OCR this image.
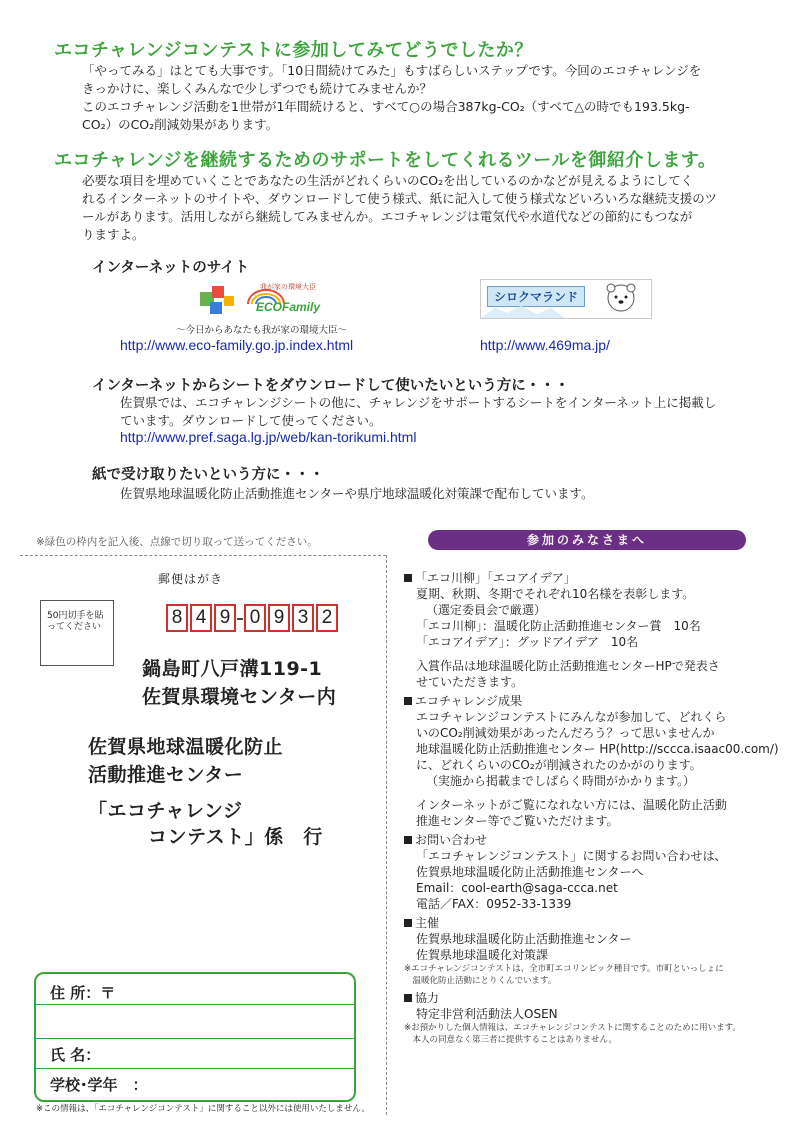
エコチャレンジコンテストに参加してみてどうでしたか？
「やってみる」はとても大事です。「10日間続けてみた」もすばらしいステップです。今回のエコチャレンジを
きっかけに、楽しくみんなで少しずつでも続けてみませんか？
このエコチャレンジ活動を1世帯が1年間続けると、すべて○の場合387kg-CO₂（すべて△の時でも193.5kg-
CO₂）のCO₂削減効果があります。
エコチャレンジを継続するためのサポートをしてくれるツールを御紹介します。
必要な項目を埋めていくことであなたの生活がどれくらいのCO₂を出しているのかなどが見えるようにしてく
れるインターネットのサイトや、ダウンロードして使う様式、紙に記入して使う様式などいろいろな継続支援のツ
ールがあります。活用しながら継続してみませんか。エコチャレンジは電気代や水道代などの節約にもつなが
りますよ。
インターネットのサイト
我が家の環境大臣
ECOFamily
～今日からあなたも我が家の環境大臣～
http://www.eco-family.go.jp.index.html
シロクマランド
http://www.469ma.jp/
インターネットからシートをダウンロードして使いたいという方に・・・
佐賀県では、エコチャレンジシートの他に、チャレンジをサポートするシートをインターネット上に掲載し
ています。ダウンロードして使ってください。
http://www.pref.saga.lg.jp/web/kan-torikumi.html
紙で受け取りたいという方に・・・
佐賀県地球温暖化防止活動推進センターや県庁地球温暖化対策課で配布しています。
※緑色の枠内を記入後、点線で切り取って送ってください。
郵便はがき
50円切手を貼ってください	8 4 9 0 9 3 2
鍋島町八戸溝119-1
佐賀県環境センター内
佐賀県地球温暖化防止
活動推進センター
「エコチャレンジ
コンテスト」係　行
住 所：〒
氏 名：
学校･学年　：
※この情報は、「エコチャレンジコンテスト」に関すること以外には使用いたしません。
参加のみなさまへ
「エコ川柳」「エコアイデア」
夏期、秋期、冬期でそれぞれ10名様を表彰します。
（選定委員会で厳選）
「エコ川柳」：温暖化防止活動推進センター賞　10名
「エコアイデア」：グッドアイデア　10名
入賞作品は地球温暖化防止活動推進センターHPで発表さ
せていただきます。
エコチャレンジ成果
エコチャレンジコンテストにみんなが参加して、どれくら
いのCO₂削減効果があったんだろう？って思いませんか
地球温暖化防止活動推進センター HP(http://sccca.isaac00.com/)
に、どれくらいのCO₂が削減されたのかがのります。
（実施から掲載までしばらく時間がかかります。）
インターネットがご覧になれない方には、温暖化防止活動
推進センター等でご覧いただけます。
お問い合わせ
「エコチャレンジコンテスト」に関するお問い合わせは、
佐賀県地球温暖化防止活動推進センターへ
Email：cool-earth@saga-ccca.net
電話／FAX：0952-33-1339
主催
佐賀県地球温暖化防止活動推進センター
佐賀県地球温暖化対策課
※エコチャレンジコンテストは、全市町エコリンピック種目です。市町といっしょに
　温暖化防止活動にとりくんでいます。
協力
特定非営利活動法人OSEN
※お預かりした個人情報は、エコチャレンジコンテストに関することのために用います。
　本人の同意なく第三者に提供することはありません。
